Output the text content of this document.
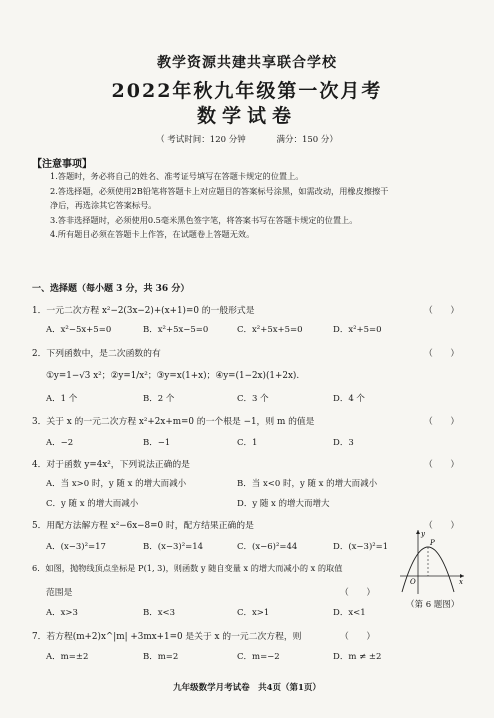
教学资源共建共享联合学校
2022年秋九年级第一次月考
数学试卷
（ 考试时间：120 分钟	满分：150 分）
【注意事项】
1.答题时，务必将自己的姓名、准考证号填写在答题卡规定的位置上。
2.答选择题，必须使用2B铅笔将答题卡上对应题目的答案标号涂黑，如需改动，用橡皮擦擦干
净后，再选涂其它答案标号。
3.答非选择题时，必须使用0.5毫米黑色签字笔，将答案书写在答题卡规定的位置上。
4.所有题目必须在答题卡上作答，在试题卷上答题无效。
一、选择题（每小题 3 分，共 36 分）
1．一元二次方程 x²−2(3x−2)+(x+1)=0 的一般形式是	（　　）
A．x²−5x+5=0	B．x²+5x−5=0	C．x²+5x+5=0	D．x²+5=0
2．下列函数中，是二次函数的有	（　　）
①y=1−√3 x²；②y=1/x²；③y=x(1+x)；④y=(1−2x)(1+2x).
A．1 个	B．2 个	C．3 个	D．4 个
3．关于 x 的一元二次方程 x²+2x+m=0 的一个根是 −1，则 m 的值是	（　　）
A．−2	B．−1	C．1	D．3
4．对于函数 y=4x²，下列说法正确的是	（　　）
A．当 x>0 时，y 随 x 的增大而减小	B．当 x<0 时，y 随 x 的增大而减小
C．y 随 x 的增大而减小	D．y 随 x 的增大而增大
5．用配方法解方程 x²−6x−8=0 时，配方结果正确的是	（　　）
A．(x−3)²=17	B．(x−3)²=14	C．(x−6)²=44	D．(x−3)²=1
6．如图，抛物线顶点坐标是 P(1, 3)，则函数 y 随自变量 x 的增大而减小的 x 的取值
范围是	（　　）
A．x>3	B．x<3	C．x>1	D．x<1
y
x
O
P
（第 6 题图）
7．若方程(m+2)x^|m| +3mx+1=0 是关于 x 的一元二次方程，则	（　　）
A．m=±2	B．m=2	C．m=−2	D．m ≠ ±2
九年级数学月考试卷　共4页（第1页）
